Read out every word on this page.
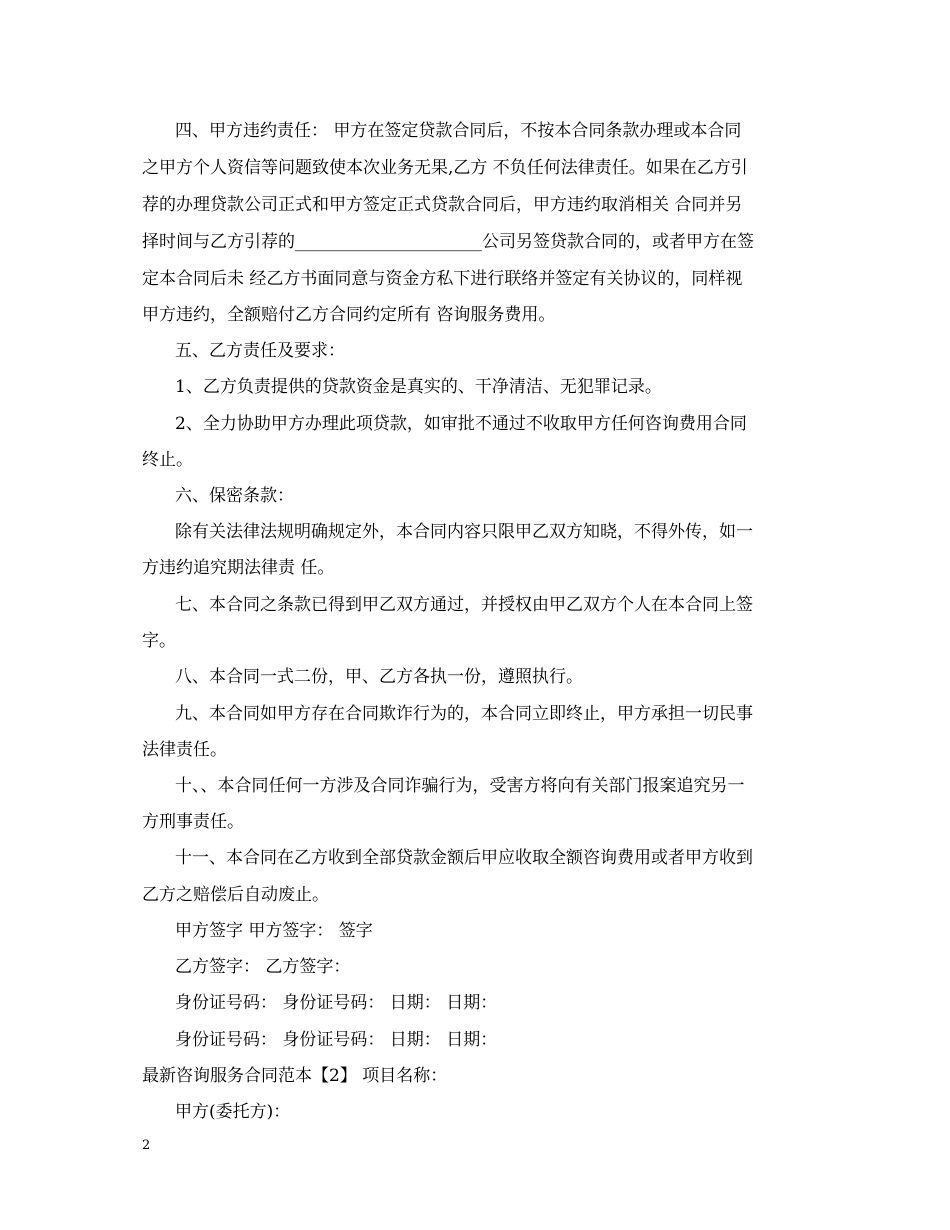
四、甲方违约责任： 甲方在签定贷款合同后，不按本合同条款办理或本合同
之甲方个人资信等问题致使本次业务无果,乙方 不负任何法律责任。如果在乙方引
荐的办理贷款公司正式和甲方签定正式贷款合同后，甲方违约取消相关 合同并另
择时间与乙方引荐的______________________公司另签贷款合同的，或者甲方在签
定本合同后未 经乙方书面同意与资金方私下进行联络并签定有关协议的，同样视
甲方违约，全额赔付乙方合同约定所有 咨询服务费用。
五、乙方责任及要求：
1、乙方负责提供的贷款资金是真实的、干净清洁、无犯罪记录。
2、全力协助甲方办理此项贷款，如审批不通过不收取甲方任何咨询费用合同
终止。
六、保密条款：
除有关法律法规明确规定外，本合同内容只限甲乙双方知晓，不得外传，如一
方违约追究期法律责 任。
七、本合同之条款已得到甲乙双方通过，并授权由甲乙双方个人在本合同上签
字。
八、本合同一式二份，甲、乙方各执一份，遵照执行。
九、本合同如甲方存在合同欺诈行为的，本合同立即终止，甲方承担一切民事
法律责任。
十、、本合同任何一方涉及合同诈骗行为，受害方将向有关部门报案追究另一
方刑事责任。
十一、本合同在乙方收到全部贷款金额后甲应收取全额咨询费用或者甲方收到
乙方之赔偿后自动废止。
甲方签字 甲方签字： 签字
乙方签字： 乙方签字：
身份证号码： 身份证号码： 日期： 日期：
身份证号码： 身份证号码： 日期： 日期：
最新咨询服务合同范本【2】 项目名称：
甲方(委托方)：
2
